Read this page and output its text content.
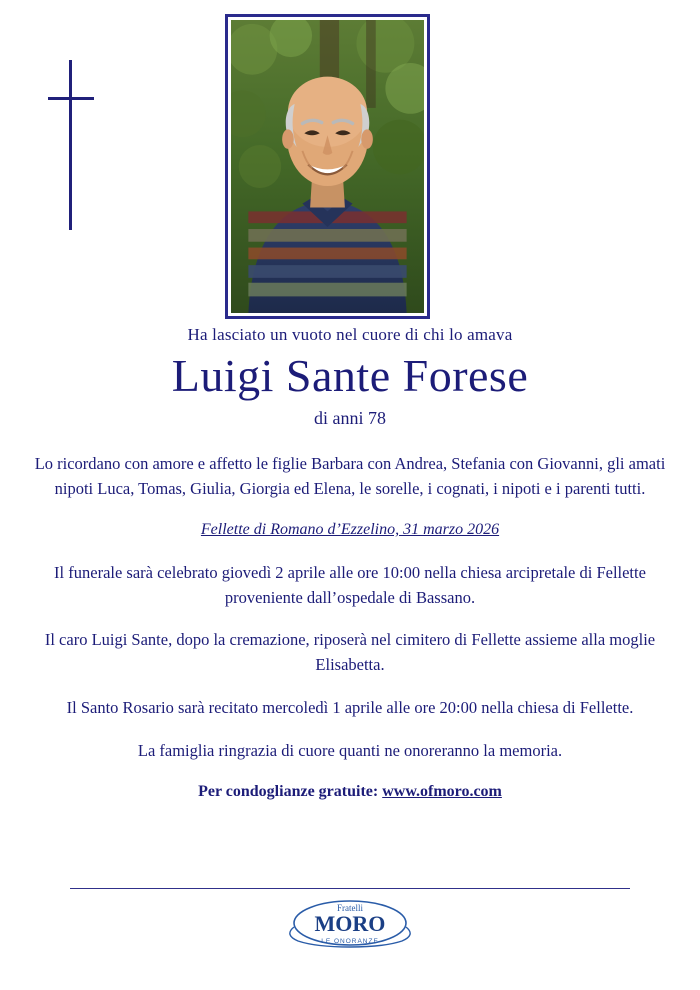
Ha lasciato un vuoto nel cuore di chi lo amava

Luigi Sante Forese

di anni 78

Lo ricordano con amore e affetto le figlie Barbara con Andrea, Stefania con Giovanni, gli amati nipoti Luca, Tomas, Giulia, Giorgia ed Elena, le sorelle, i cognati, i nipoti e i parenti tutti.

Fellette di Romano d’Ezzelino, 31 marzo 2026

Il funerale sarà celebrato giovedì 2 aprile alle ore 10:00 nella chiesa arcipretale di Fellette proveniente dall’ospedale di Bassano.

Il caro Luigi Sante, dopo la cremazione, riposerà nel cimitero di Fellette assieme alla moglie Elisabetta.

Il Santo Rosario sarà recitato mercoledì 1 aprile alle ore 20:00 nella chiesa di Fellette.

La famiglia ringrazia di cuore quanti ne onoreranno la memoria.

Per condoglianze gratuite: www.ofmoro.com

Fratelli
MORO
LE ONORANZE
